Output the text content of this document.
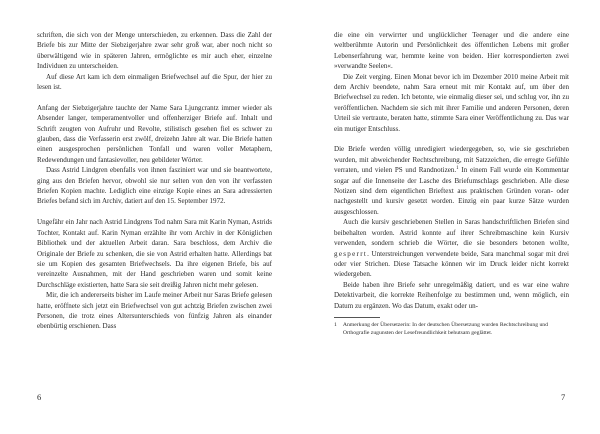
schriften, die sich von der Menge unterschieden, zu erkennen. Dass die Zahl der Briefe bis zur Mitte der Siebzigerjahre zwar sehr groß war, aber noch nicht so überwältigend wie in späteren Jahren, ermöglichte es mir auch eher, einzelne Individuen zu unterscheiden.

Auf diese Art kam ich dem einmaligen Briefwechsel auf die Spur, der hier zu lesen ist.

Anfang der Siebzigerjahre tauchte der Name Sara Ljungcrantz immer wieder als Absender langer, temperamentvoller und offenherziger Briefe auf. Inhalt und Schrift zeugten von Aufruhr und Revolte, stilistisch gesehen fiel es schwer zu glauben, dass die Verfasserin erst zwölf, dreizehn Jahre alt war. Die Briefe hatten einen ausgesprochen persönlichen Tonfall und waren voller Metaphern, Redewendungen und fantasievoller, neu gebildeter Wörter.

Dass Astrid Lindgren ebenfalls von ihnen fasziniert war und sie beantwortete, ging aus den Briefen hervor, obwohl sie nur selten von den von ihr verfassten Briefen Kopien machte. Lediglich eine einzige Kopie eines an Sara adressierten Briefes befand sich im Archiv, datiert auf den 15. September 1972.

Ungefähr ein Jahr nach Astrid Lindgrens Tod nahm Sara mit Karin Nyman, Astrids Tochter, Kontakt auf. Karin Nyman erzählte ihr vom Archiv in der Königlichen Bibliothek und der aktuellen Arbeit daran. Sara beschloss, dem Archiv die Originale der Briefe zu schenken, die sie von Astrid erhalten hatte. Allerdings bat sie um Kopien des gesamten Briefwechsels. Da ihre eigenen Briefe, bis auf vereinzelte Ausnahmen, mit der Hand geschrieben waren und somit keine Durchschläge existierten, hatte Sara sie seit dreißig Jahren nicht mehr gelesen.

Mir, die ich andererseits bisher im Laufe meiner Arbeit nur Saras Briefe gelesen hatte, eröffnete sich jetzt ein Briefwechsel von gut achtzig Briefen zwischen zwei Personen, die trotz eines Altersunterschieds von fünfzig Jahren als einander ebenbürtig erschienen. Dass

6

die eine ein verwirrter und unglücklicher Teenager und die andere eine weltberühmte Autorin und Persönlichkeit des öffentlichen Lebens mit großer Lebenserfahrung war, hemmte keine von beiden. Hier korrespondierten zwei »verwandte Seelen«.

Die Zeit verging. Einen Monat bevor ich im Dezember 2010 meine Arbeit mit dem Archiv beendete, nahm Sara erneut mit mir Kontakt auf, um über den Briefwechsel zu reden. Ich betonte, wie einmalig dieser sei, und schlug vor, ihn zu veröffentlichen. Nachdem sie sich mit ihrer Familie und anderen Personen, deren Urteil sie vertraute, beraten hatte, stimmte Sara einer Veröffentlichung zu. Das war ein mutiger Entschluss.

Die Briefe werden völlig unredigiert wiedergegeben, so, wie sie geschrieben wurden, mit abweichender Rechtschreibung, mit Satzzeichen, die erregte Gefühle verraten, und vielen PS und Randnotizen.$^1$ In einem Fall wurde ein Kommentar sogar auf die Innenseite der Lasche des Briefumschlags geschrieben. Alle diese Notizen sind dem eigentlichen Brieftext aus praktischen Gründen voran- oder nachgestellt und kursiv gesetzt worden. Einzig ein paar kurze Sätze wurden ausgeschlossen.

Auch die kursiv geschriebenen Stellen in Saras handschriftlichen Briefen sind beibehalten worden. Astrid konnte auf ihrer Schreibmaschine kein Kursiv verwenden, sondern schrieb die Wörter, die sie besonders betonen wollte, gesperrt. Unterstreichungen verwendete beide, Sara manchmal sogar mit drei oder vier Strichen. Diese Tatsache können wir im Druck leider nicht korrekt wiedergeben.

Beide haben ihre Briefe sehr unregelmäßig datiert, und es war eine wahre Detektivarbeit, die korrekte Reihenfolge zu bestimmen und, wenn möglich, ein Datum zu ergänzen. Wo das Datum, exakt oder un-

1 Anmerkung der Übersetzerin: In der deutschen Übersetzung wurden Rechtschreibung und Orthografie zugunsten der Lesefreundlichkeit behutsam geglättet.
7
